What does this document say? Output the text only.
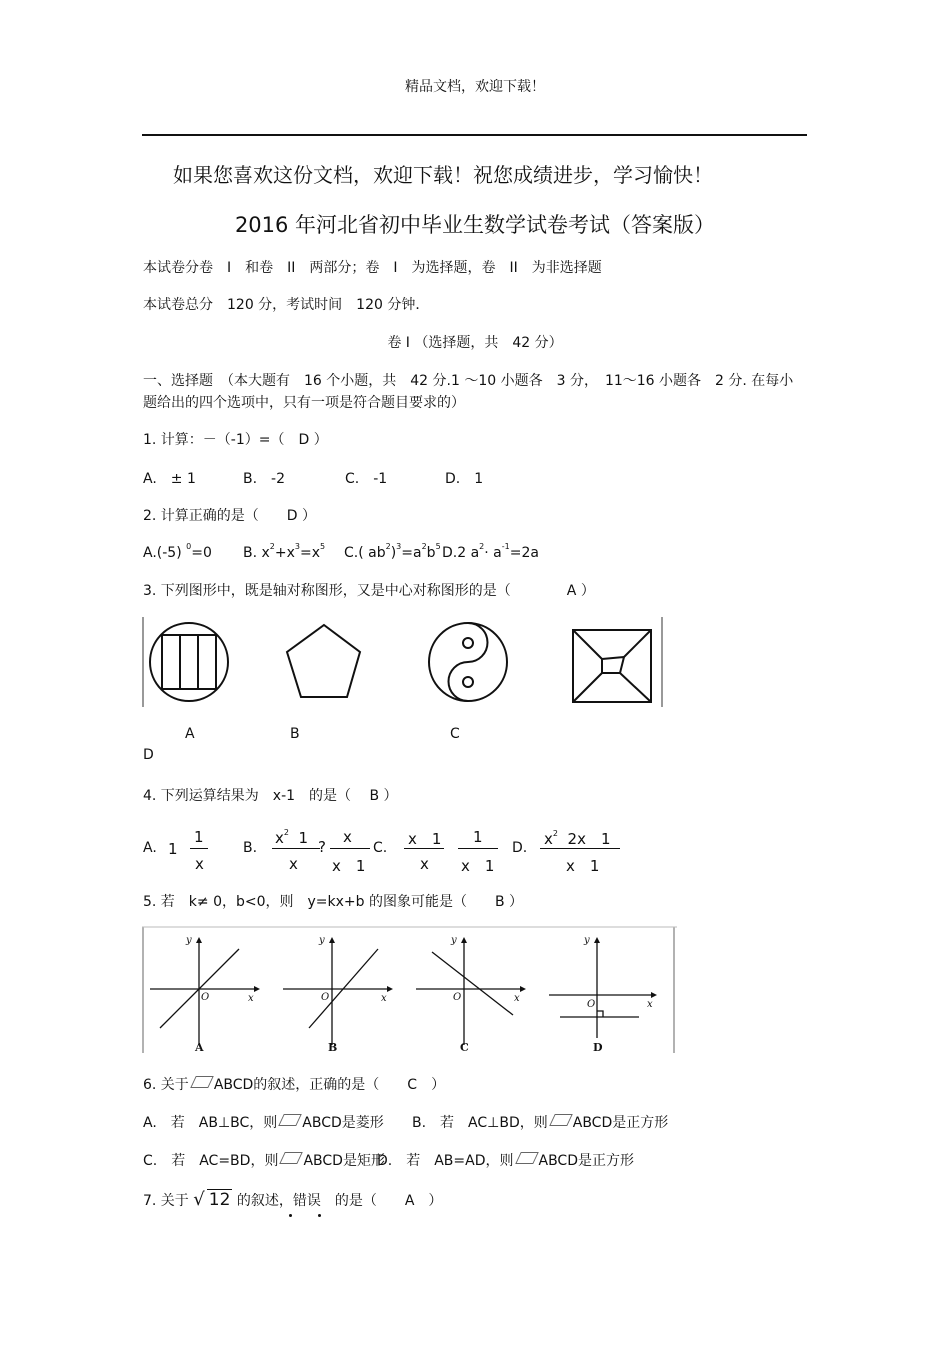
精品文档，欢迎下载！
如果您喜欢这份文档，欢迎下载！祝您成绩进步，学习愉快！
2016 年河北省初中毕业生数学试卷考试（答案版）
本试卷分卷　I　和卷　II　两部分；卷　I　为选择题，卷　II　为非选择题
本试卷总分　120 分，考试时间　120 分钟．
卷 I （选择题，共　42 分）
一、选择题　（本大题有　16 个小题，共　42 分.1 ～10 小题各　3 分，　11～16 小题各　2 分. 在每小
题给出的四个选项中，只有一项是符合题目要求的）
1. 计算：－（-1）=（　D ）
A.　± 1	B.　-2	C.　-1	D.　1
2. 计算正确的是（　　D ）
A.(-5) $^0$=0 B. $x^2+x^3=x^5$ C.( $ab^2)^3=a^2b^5$ D.2 $a^2\cdot a^{-1}=2a$
3. 下列图形中，既是轴对称图形，又是中心对称图形的是（　　　　A ）
A	B	C
D
4. 下列运算结果为　x-1　的是（　 B ）
A. 1
1
x
B.
$x^2$ 1
x
?
x
x　1
C. x　1
x
1
x　1
D. $x^2$ 2x　1
x　1
5. 若　k≠ 0，b<0，则　y=kx+b 的图象可能是（　　B ）
y
x
O
y
x
O
y
x
O
y
x
O
A	B	C	D
6. 关于 ABCD的叙述，正确的是（　　C　）
A.　若　AB⊥BC，则 ABCD是菱形 B.　若　AC⊥BD，则 ABCD是正方形
C.　若　AC=BD，则 ABCD是矩形
D.　若　AB=AD，则 ABCD是正方形
7. 关于 √ 12 的叙述，错误　的是（　　A　）
